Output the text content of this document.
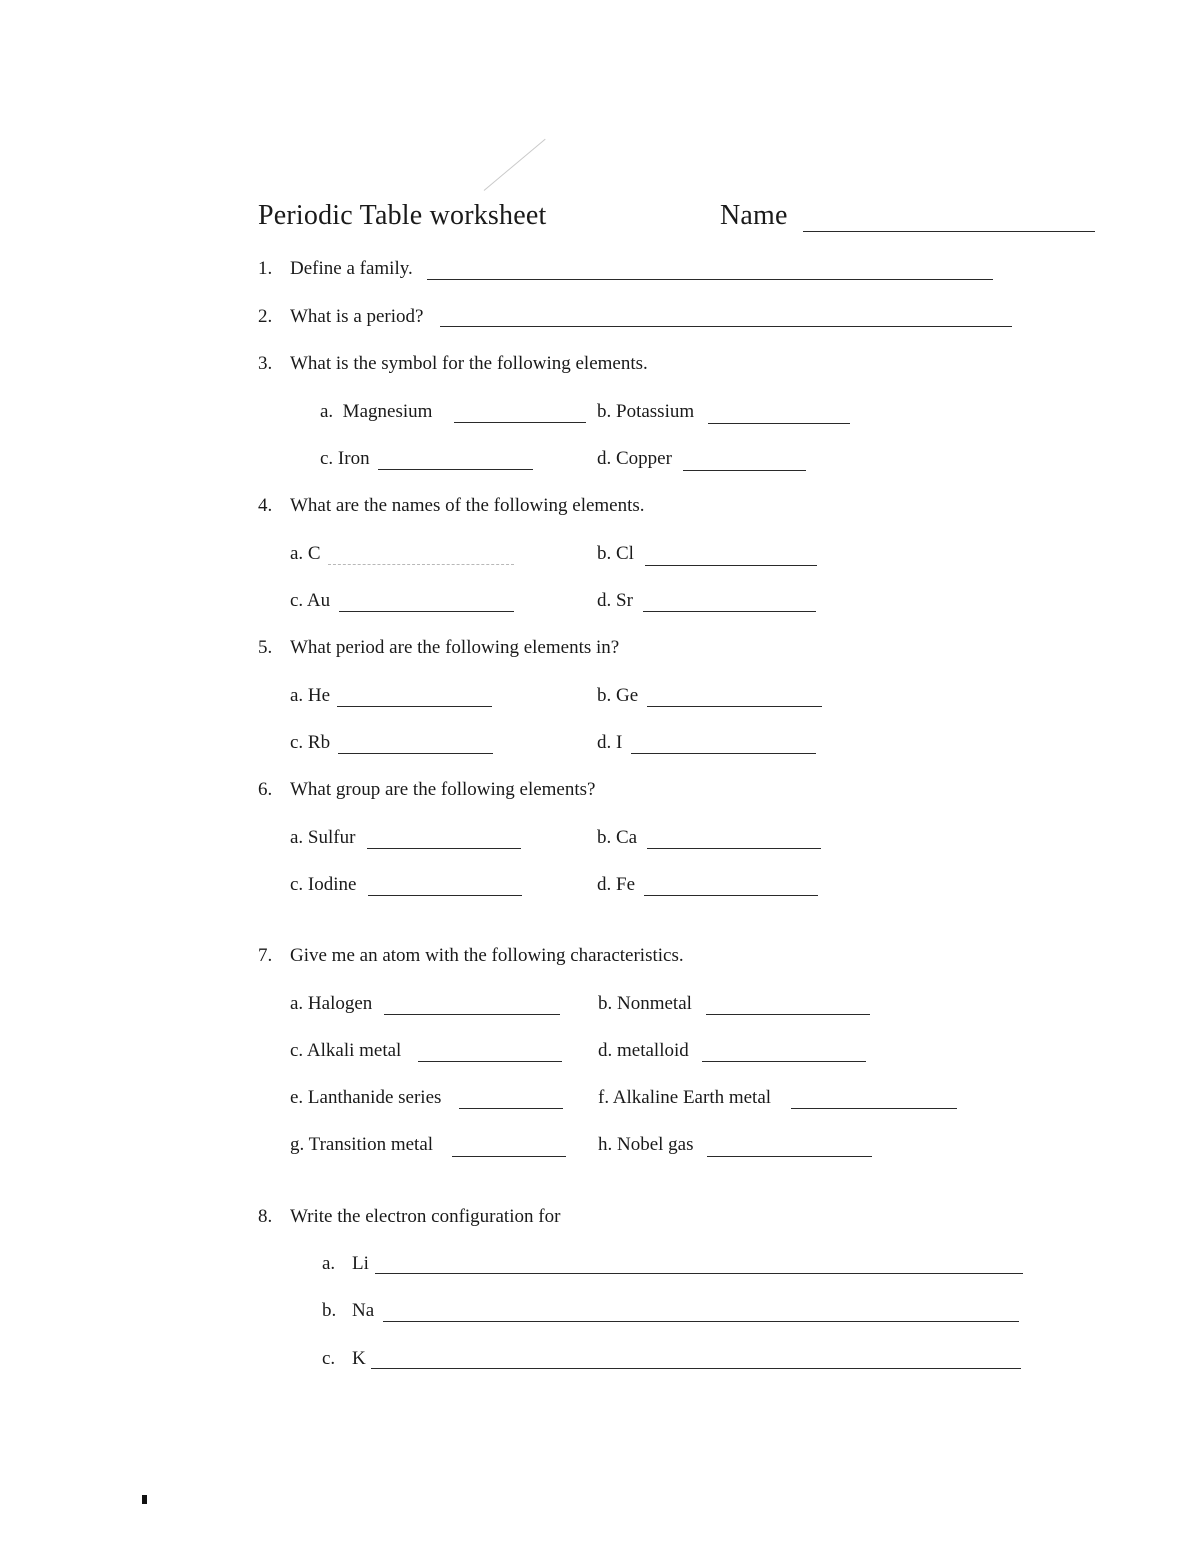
Periodic Table worksheet	Name
1. Define a family.
2. What is a period?
3. What is the symbol for the following elements.
a.  Magnesium	b. Potassium
c. Iron	d. Copper
4. What are the names of the following elements.
a. C	b. Cl
c. Au	d. Sr
5. What period are the following elements in?
a. He	b. Ge
c. Rb	d. I
6. What group are the following elements?
a. Sulfur	b. Ca
c. Iodine	d. Fe
7. Give me an atom with the following characteristics.
a. Halogen	b. Nonmetal
c. Alkali metal	d. metalloid
e. Lanthanide series	f. Alkaline Earth metal
g. Transition metal	h. Nobel gas
8. Write the electron configuration for
a. Li
b. Na
c. K
